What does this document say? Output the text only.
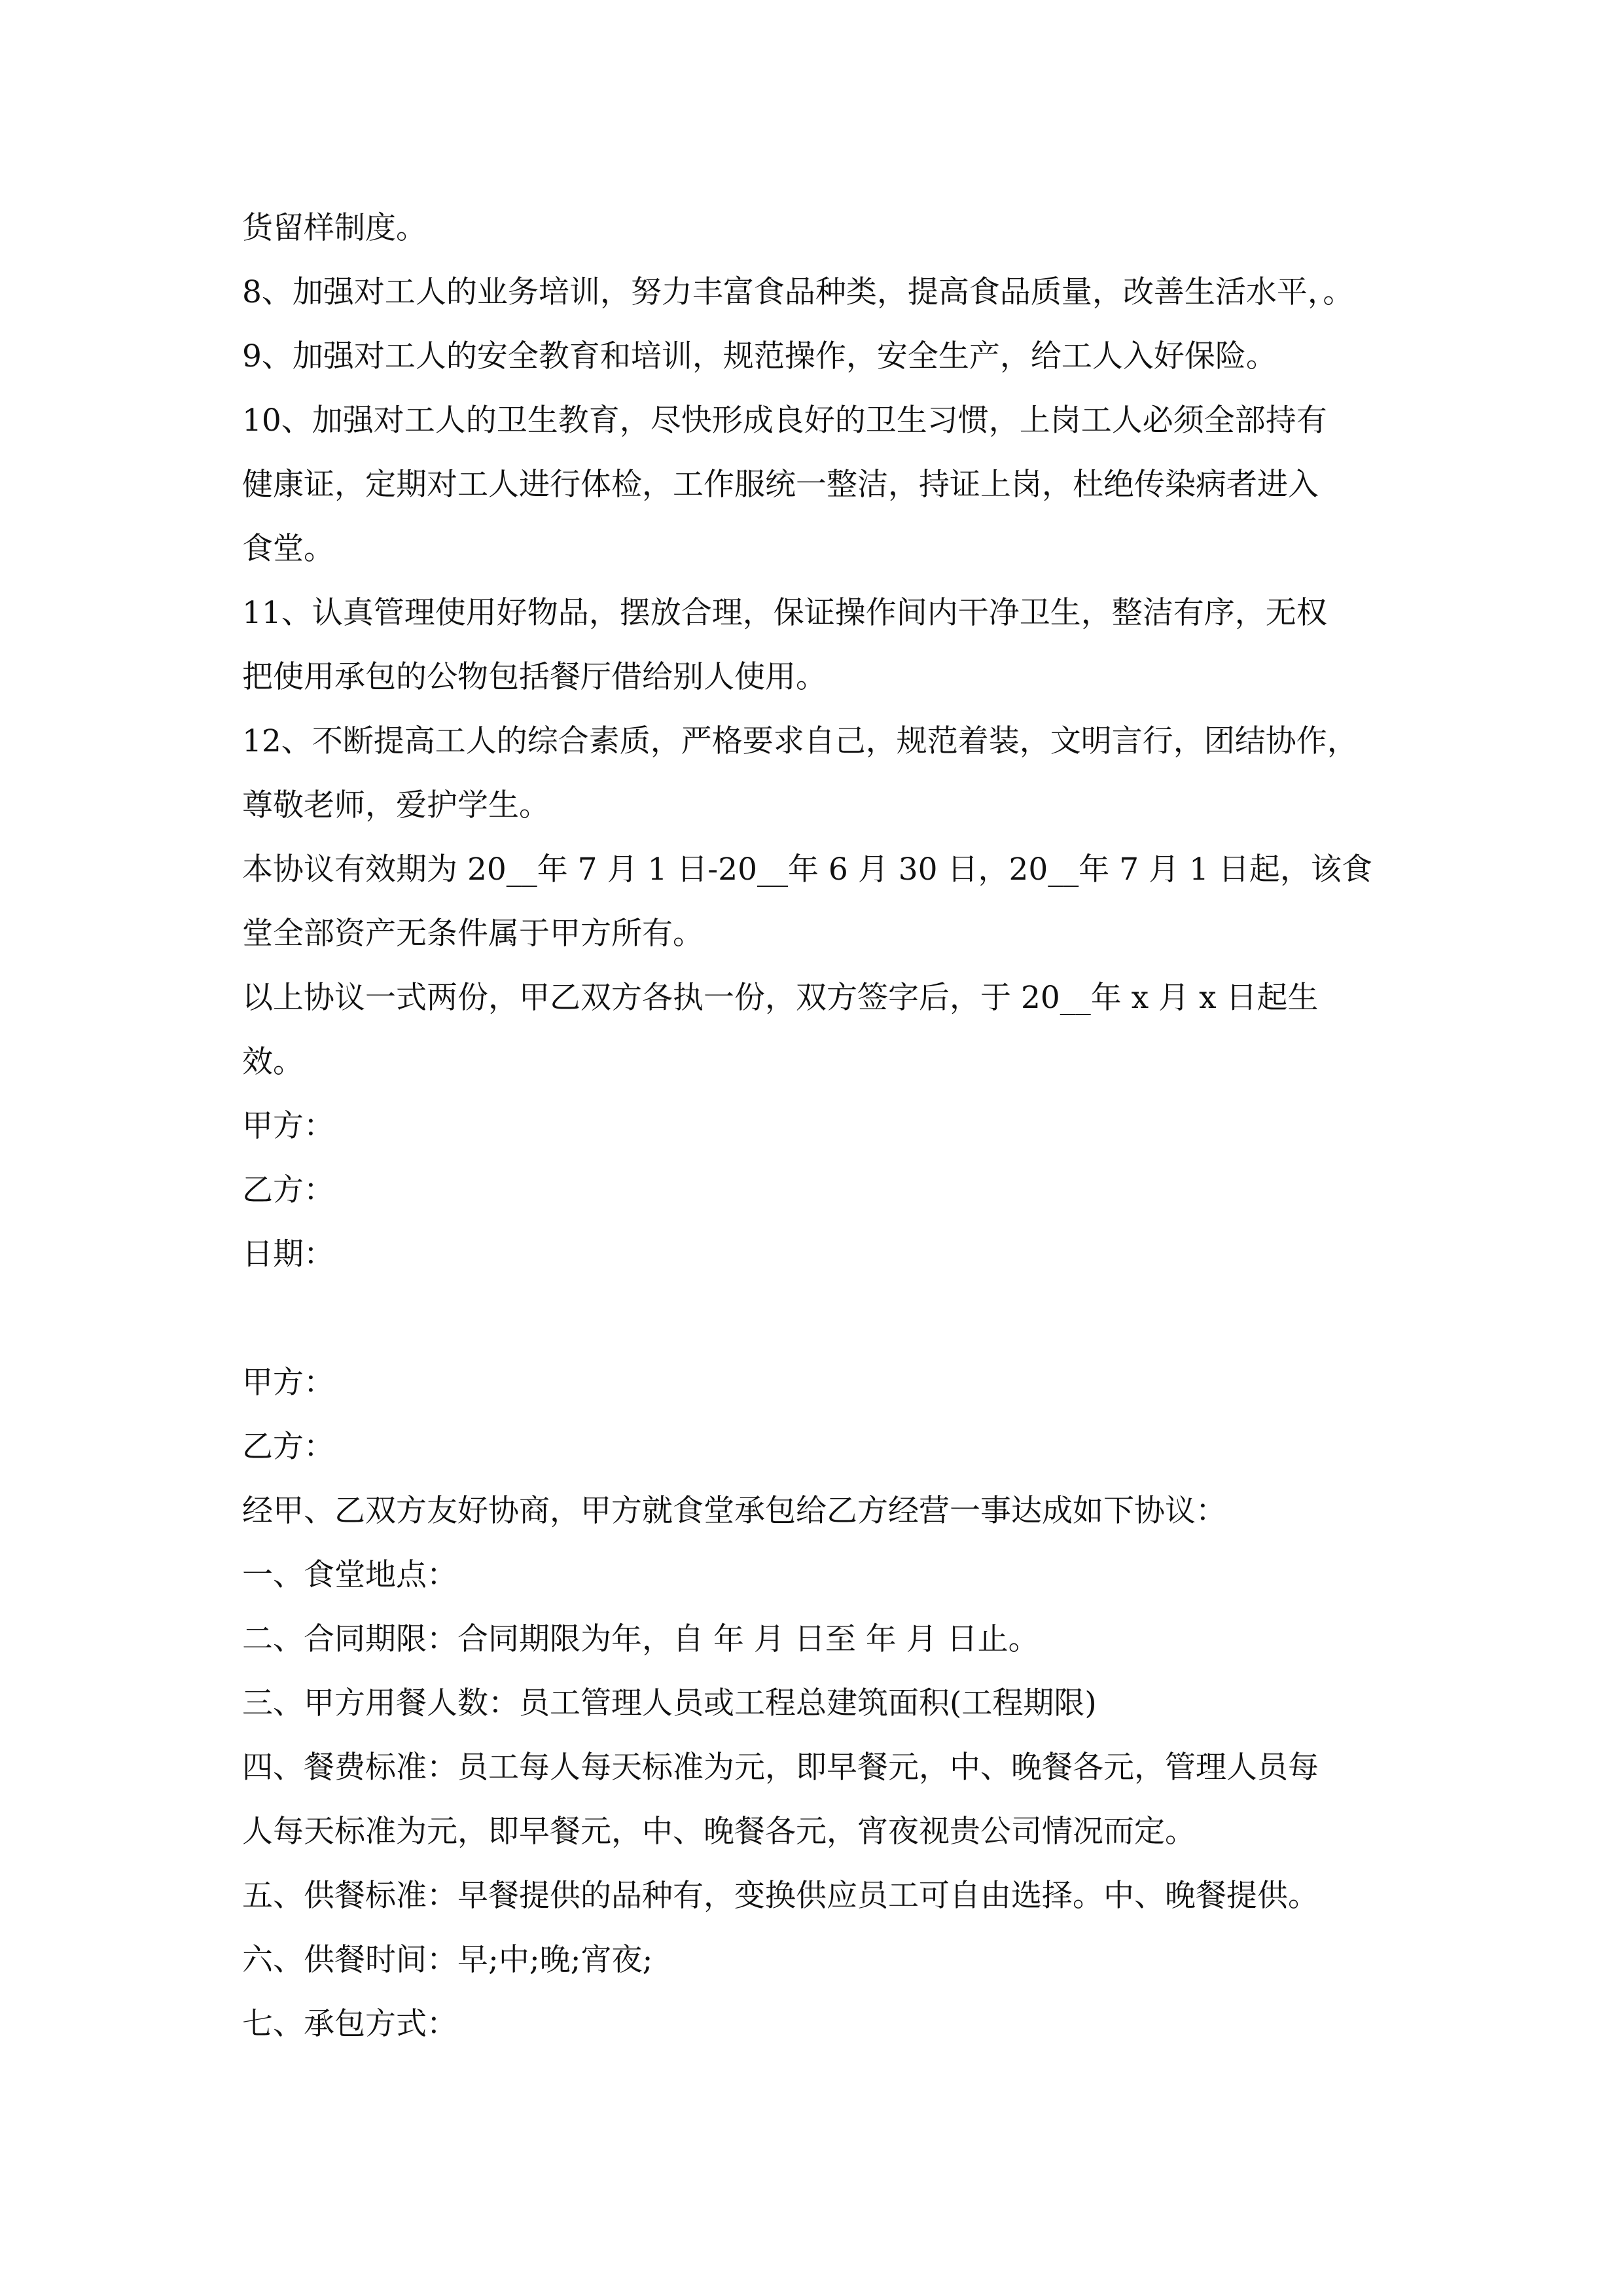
货留样制度。
8、加强对工人的业务培训，努力丰富食品种类，提高食品质量，改善生活水平，。
9、加强对工人的安全教育和培训，规范操作，安全生产，给工人入好保险。
10、加强对工人的卫生教育，尽快形成良好的卫生习惯，上岗工人必须全部持有
健康证，定期对工人进行体检，工作服统一整洁，持证上岗，杜绝传染病者进入
食堂。
11、认真管理使用好物品，摆放合理，保证操作间内干净卫生，整洁有序，无权
把使用承包的公物包括餐厅借给别人使用。
12、不断提高工人的综合素质，严格要求自己，规范着装，文明言行，团结协作，
尊敬老师，爱护学生。
本协议有效期为 20__年 7 月 1 日-20__年 6 月 30 日，20__年 7 月 1 日起，该食
堂全部资产无条件属于甲方所有。
以上协议一式两份，甲乙双方各执一份，双方签字后，于 20__年 x 月 x 日起生
效。
甲方：
乙方：
日期：
甲方：
乙方：
经甲、乙双方友好协商，甲方就食堂承包给乙方经营一事达成如下协议：
一、食堂地点：
二、合同期限：合同期限为年，自 年 月 日至 年 月 日止。
三、甲方用餐人数：员工管理人员或工程总建筑面积(工程期限)
四、餐费标准：员工每人每天标准为元，即早餐元，中、晚餐各元，管理人员每
人每天标准为元，即早餐元，中、晚餐各元，宵夜视贵公司情况而定。
五、供餐标准：早餐提供的品种有，变换供应员工可自由选择。中、晚餐提供。
六、供餐时间：早;中;晚;宵夜;
七、承包方式：
